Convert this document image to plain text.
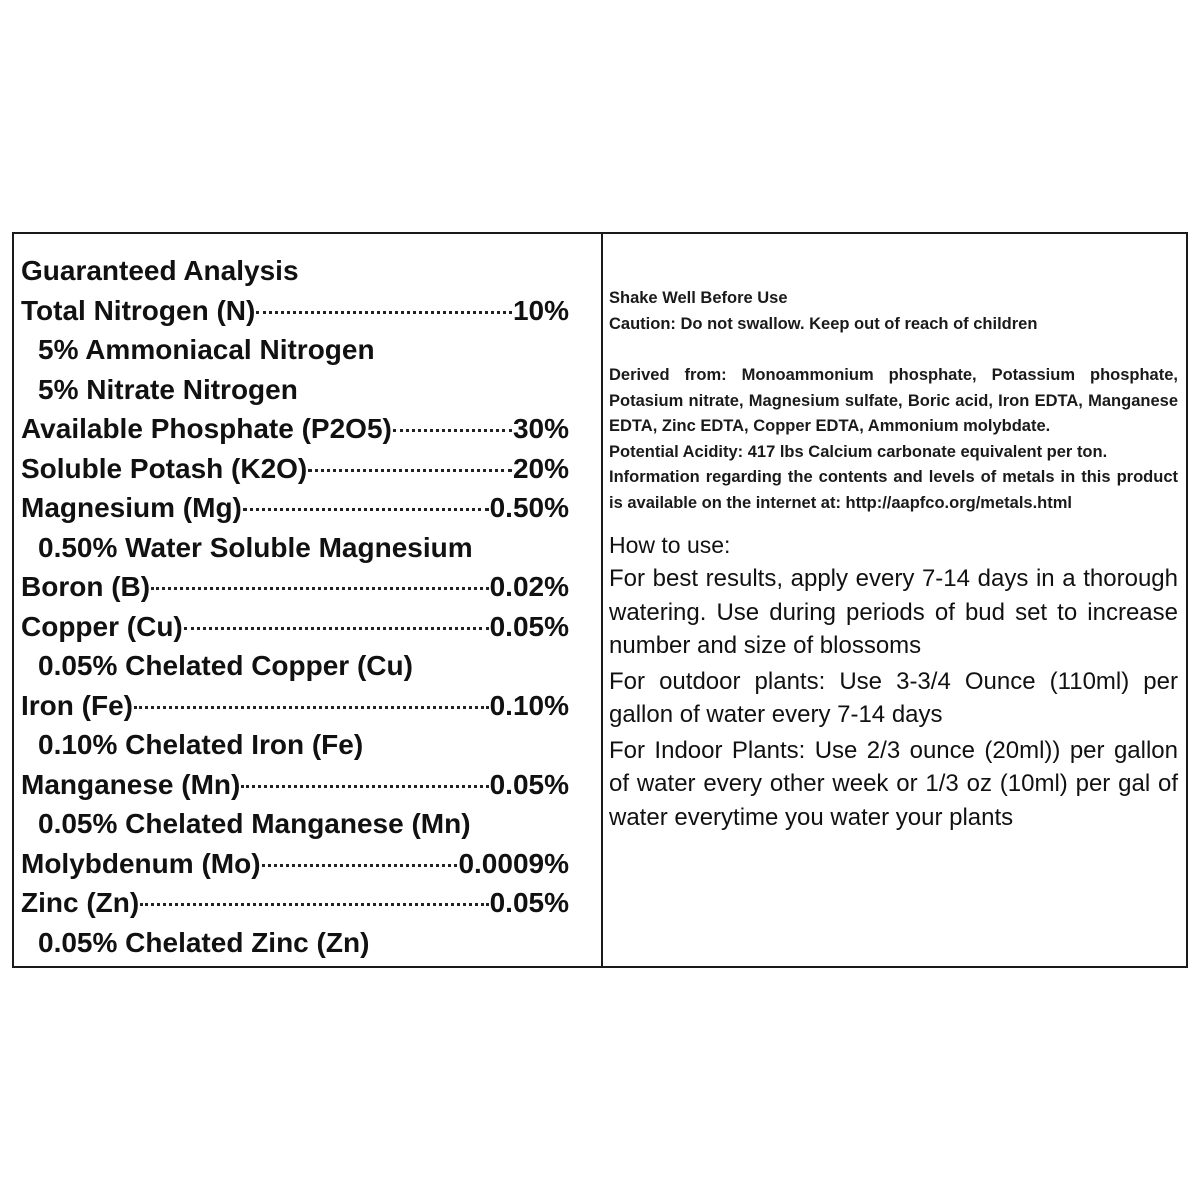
Guaranteed Analysis
Total Nitrogen (N)	10%
5% Ammoniacal Nitrogen
5% Nitrate Nitrogen
Available Phosphate (P2O5)	30%
Soluble Potash (K2O)	20%
Magnesium (Mg)	0.50%
0.50% Water Soluble Magnesium
Boron (B)	0.02%
Copper (Cu)	0.05%
0.05% Chelated Copper (Cu)
Iron (Fe)	0.10%
0.10% Chelated Iron (Fe)
Manganese (Mn)	0.05%
0.05% Chelated Manganese (Mn)
Molybdenum (Mo)	0.0009%
Zinc (Zn)	0.05%
0.05% Chelated Zinc (Zn)
Shake Well Before Use
Caution: Do not swallow. Keep out of reach of children
Derived from: Monoammonium phosphate, Potassium phosphate, Potasium nitrate, Magnesium sulfate, Boric acid, Iron EDTA, Manganese EDTA, Zinc EDTA, Copper EDTA, Ammonium molybdate.
Potential Acidity: 417 lbs Calcium carbonate equivalent per ton.
Information regarding the contents and levels of metals in this product is available on the internet at: http://aapfco.org/metals.html
How to use:
For best results, apply every 7-14 days in a thorough watering. Use during periods of bud set to increase number and size of blossoms
For outdoor plants: Use 3-3/4 Ounce (110ml) per gallon of water every 7-14 days
For Indoor Plants: Use 2/3 ounce (20ml)) per gallon of water every other week or 1/3 oz (10ml) per gal of water everytime you water your plants
